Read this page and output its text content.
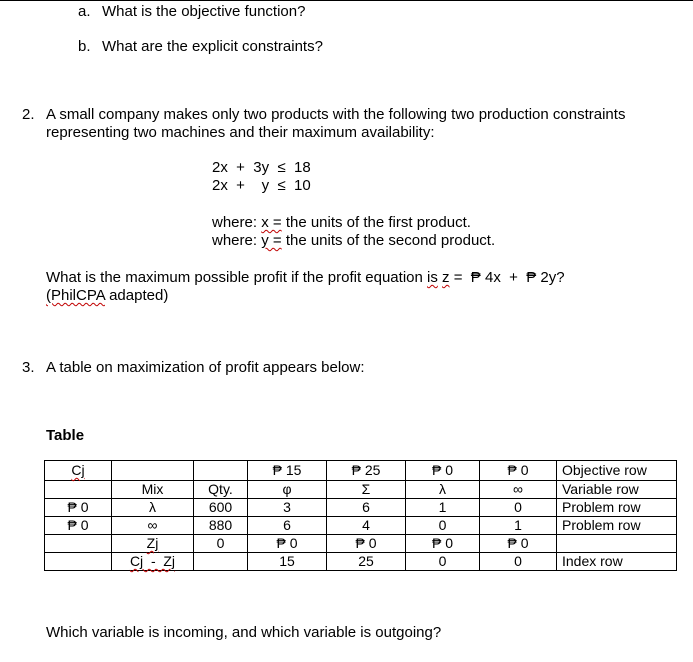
a. What is the objective function?
b. What are the explicit constraints?
2. A small company makes only two products with the following two production constraints
representing two machines and their maximum availability:
2x  +  3y  ≤  18
2x  +    y  ≤  10
where: x = the units of the first product.
where: y = the units of the second product.
What is the maximum possible profit if the profit equation is z =  ₱ 4x  +  ₱ 2y?
(PhilCPA adapted)
3. A table on maximization of profit appears below:
Table
Cj			₱ 15	₱ 25	₱ 0	₱ 0	Objective row
	Mix	Qty.	φ	Σ	λ	∞	Variable row
₱ 0	λ	600	3	6	1	0	Problem row
₱ 0	∞	880	6	4	0	1	Problem row
	Zj	0	₱ 0	₱ 0	₱ 0	₱ 0	
	Cj  -  Zj		15	25	0	0	Index row
Which variable is incoming, and which variable is outgoing?
